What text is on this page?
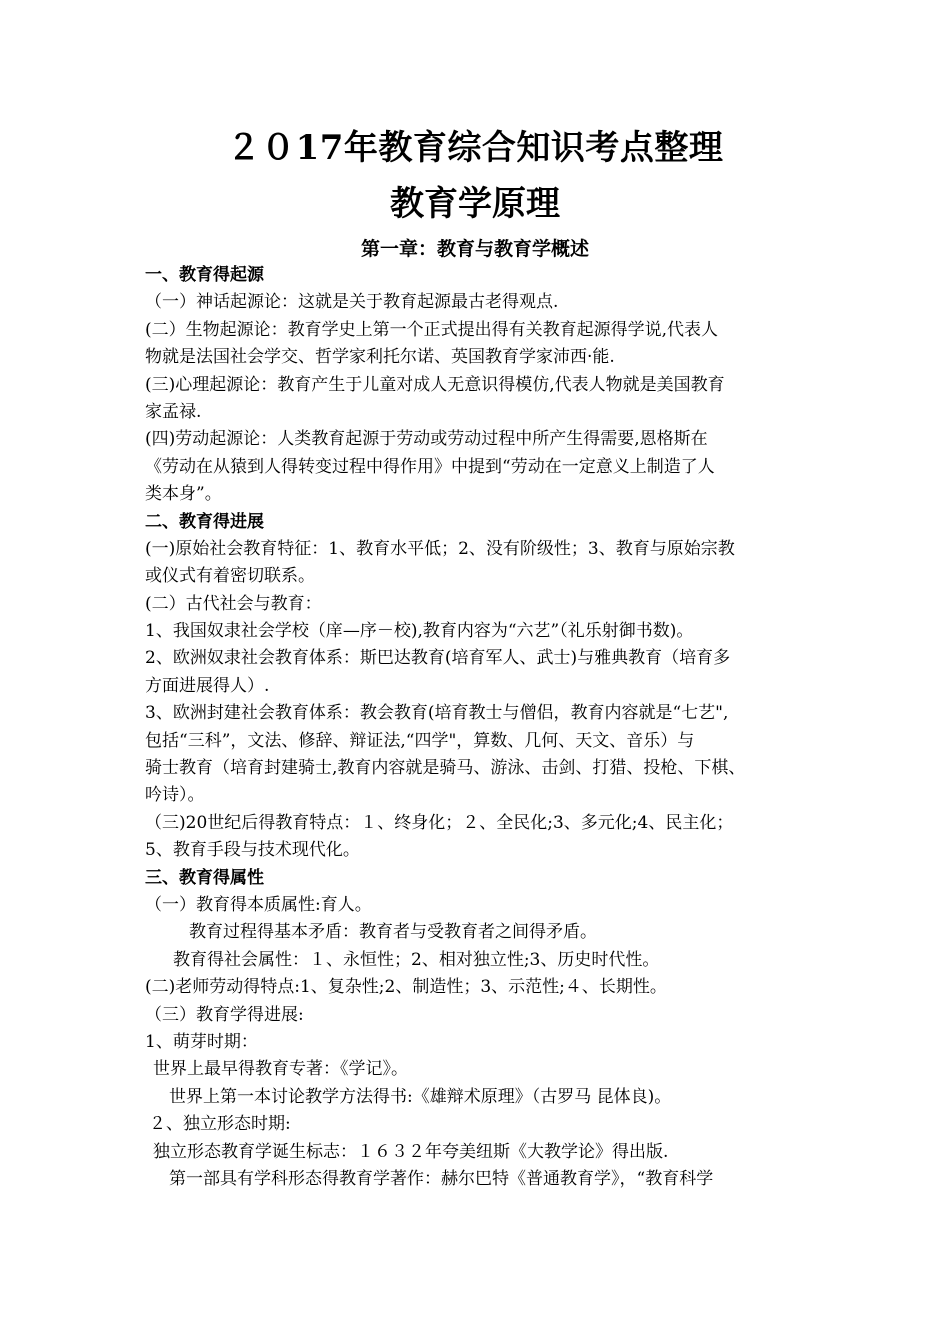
２０17年教育综合知识考点整理
教育学原理
第一章：教育与教育学概述
一、教育得起源
（一）神话起源论：这就是关于教育起源最古老得观点.
(二）生物起源论：教育学史上第一个正式提出得有关教育起源得学说,代表人
物就是法国社会学交、哲学家利托尔诺、英国教育学家沛西·能.
(三)心理起源论：教育产生于儿童对成人无意识得模仿,代表人物就是美国教育
家孟禄.
(四)劳动起源论：人类教育起源于劳动或劳动过程中所产生得需要,恩格斯在
《劳动在从猿到人得转变过程中得作用》中提到“劳动在一定意义上制造了人
类本身”。
二、教育得进展
(一)原始社会教育特征：1、教育水平低；2、没有阶级性；3、教育与原始宗教
或仪式有着密切联系。
(二）古代社会与教育：
1、我国奴隶社会学校（庠—序－校),教育内容为“六艺”（礼乐射御书数)。
2、欧洲奴隶社会教育体系：斯巴达教育(培育军人、武士)与雅典教育（培育多
方面进展得人）.
3、欧洲封建社会教育体系：教会教育(培育教士与僧侣，教育内容就是“七艺",
包括“三科”，文法、修辞、辩证法,“四学"，算数、几何、天文、音乐）与
骑士教育（培育封建骑士,教育内容就是骑马、游泳、击剑、打猎、投枪、下棋、
吟诗）。
（三)20世纪后得教育特点：１、终身化；２、全民化;3、多元化;4、民主化；
5、教育手段与技术现代化。
三、教育得属性
（一）教育得本质属性:育人。
教育过程得基本矛盾：教育者与受教育者之间得矛盾。
教育得社会属性：１、永恒性；2、相对独立性;3、历史时代性。
(二)老师劳动得特点:1、复杂性;2、制造性；3、示范性;４、长期性。
（三）教育学得进展:
1、萌芽时期：
世界上最早得教育专著：《学记》。
世界上第一本讨论教学方法得书:《雄辩术原理》（古罗马 昆体良)。
２、独立形态时期:
独立形态教育学诞生标志：１６３２年夸美纽斯《大教学论》得出版.
第一部具有学科形态得教育学著作：赫尔巴特《普通教育学》，“教育科学
